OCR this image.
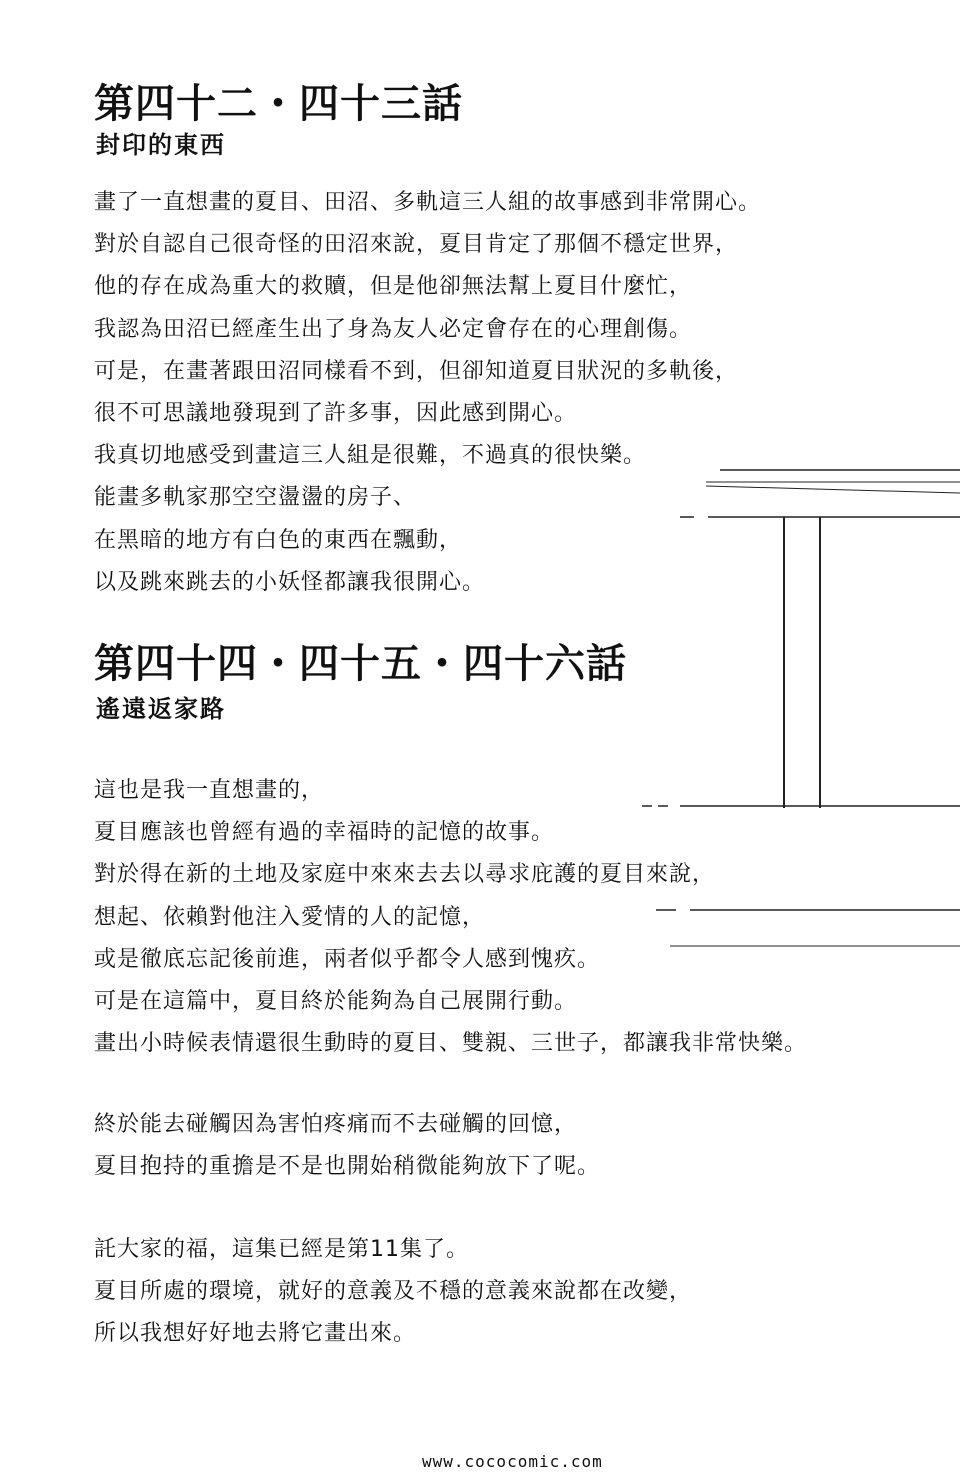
第四十二・四十三話
封印的東西
畫了一直想畫的夏目、田沼、多軌這三人組的故事感到非常開心。
對於自認自己很奇怪的田沼來說，夏目肯定了那個不穩定世界，
他的存在成為重大的救贖，但是他卻無法幫上夏目什麼忙，
我認為田沼已經產生出了身為友人必定會存在的心理創傷。
可是，在畫著跟田沼同樣看不到，但卻知道夏目狀況的多軌後，
很不可思議地發現到了許多事，因此感到開心。
我真切地感受到畫這三人組是很難，不過真的很快樂。
能畫多軌家那空空盪盪的房子、
在黑暗的地方有白色的東西在飄動，
以及跳來跳去的小妖怪都讓我很開心。
第四十四・四十五・四十六話
遙遠返家路
這也是我一直想畫的，
夏目應該也曾經有過的幸福時的記憶的故事。
對於得在新的土地及家庭中來來去去以尋求庇護的夏目來說，
想起、依賴對他注入愛情的人的記憶，
或是徹底忘記後前進，兩者似乎都令人感到愧疚。
可是在這篇中，夏目終於能夠為自己展開行動。
畫出小時候表情還很生動時的夏目、雙親、三世子，都讓我非常快樂。
終於能去碰觸因為害怕疼痛而不去碰觸的回憶，
夏目抱持的重擔是不是也開始稍微能夠放下了呢。
託大家的福，這集已經是第11集了。
夏目所處的環境，就好的意義及不穩的意義來說都在改變，
所以我想好好地去將它畫出來。
www.cococomic.com
